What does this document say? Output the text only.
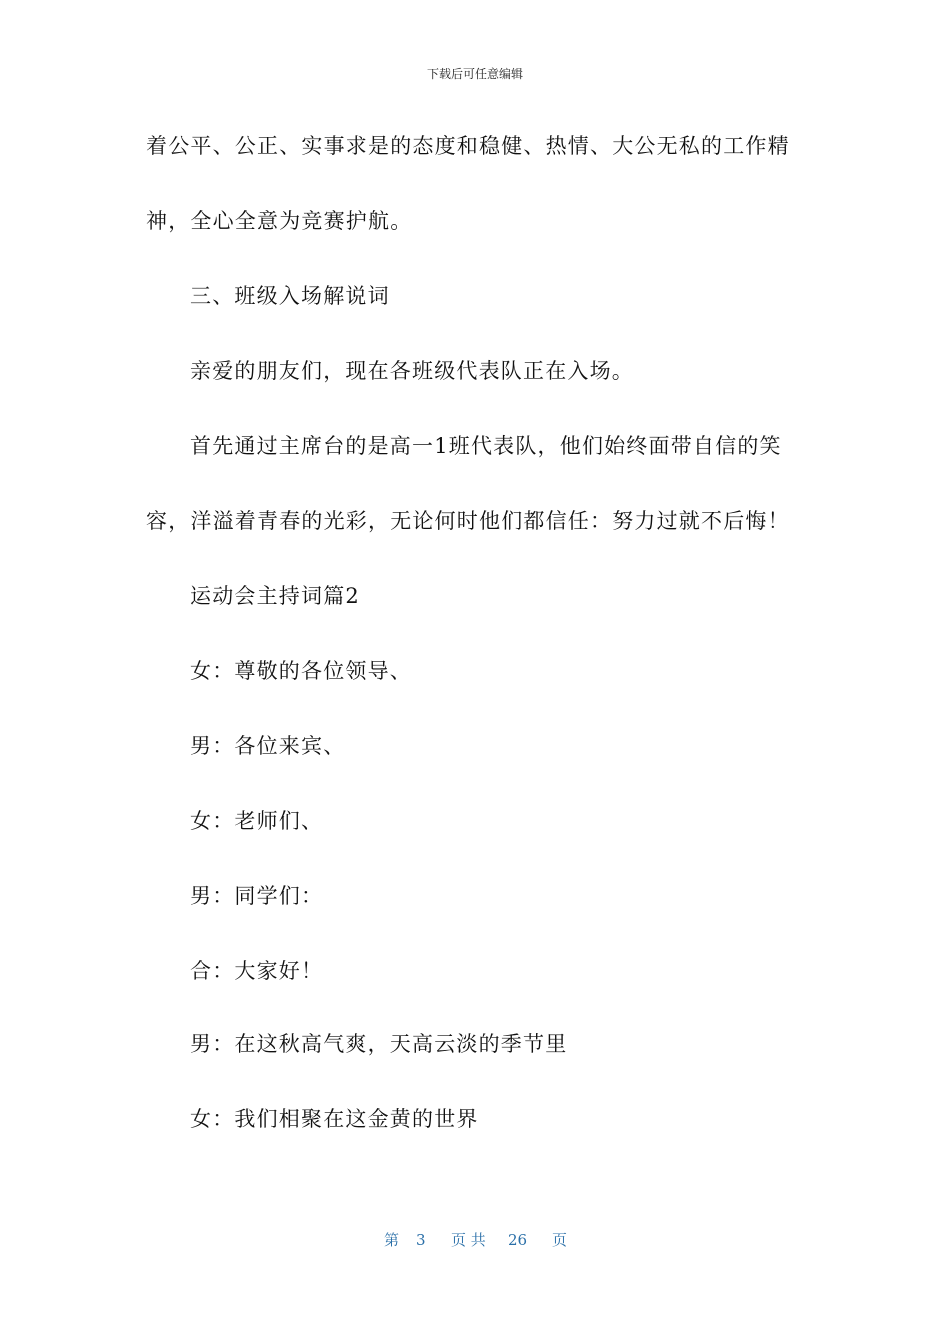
下载后可任意编辑
着公平、公正、实事求是的态度和稳健、热情、大公无私的工作精
神，全心全意为竞赛护航。
三、班级入场解说词
亲爱的朋友们，现在各班级代表队正在入场。
首先通过主席台的是高一1班代表队，他们始终面带自信的笑
容，洋溢着青春的光彩，无论何时他们都信任：努力过就不后悔！
运动会主持词篇2
女：尊敬的各位领导、
男：各位来宾、
女：老师们、
男：同学们：
合：大家好！
男：在这秋高气爽，天高云淡的季节里
女：我们相聚在这金黄的世界
第 3 页 共 26 页
